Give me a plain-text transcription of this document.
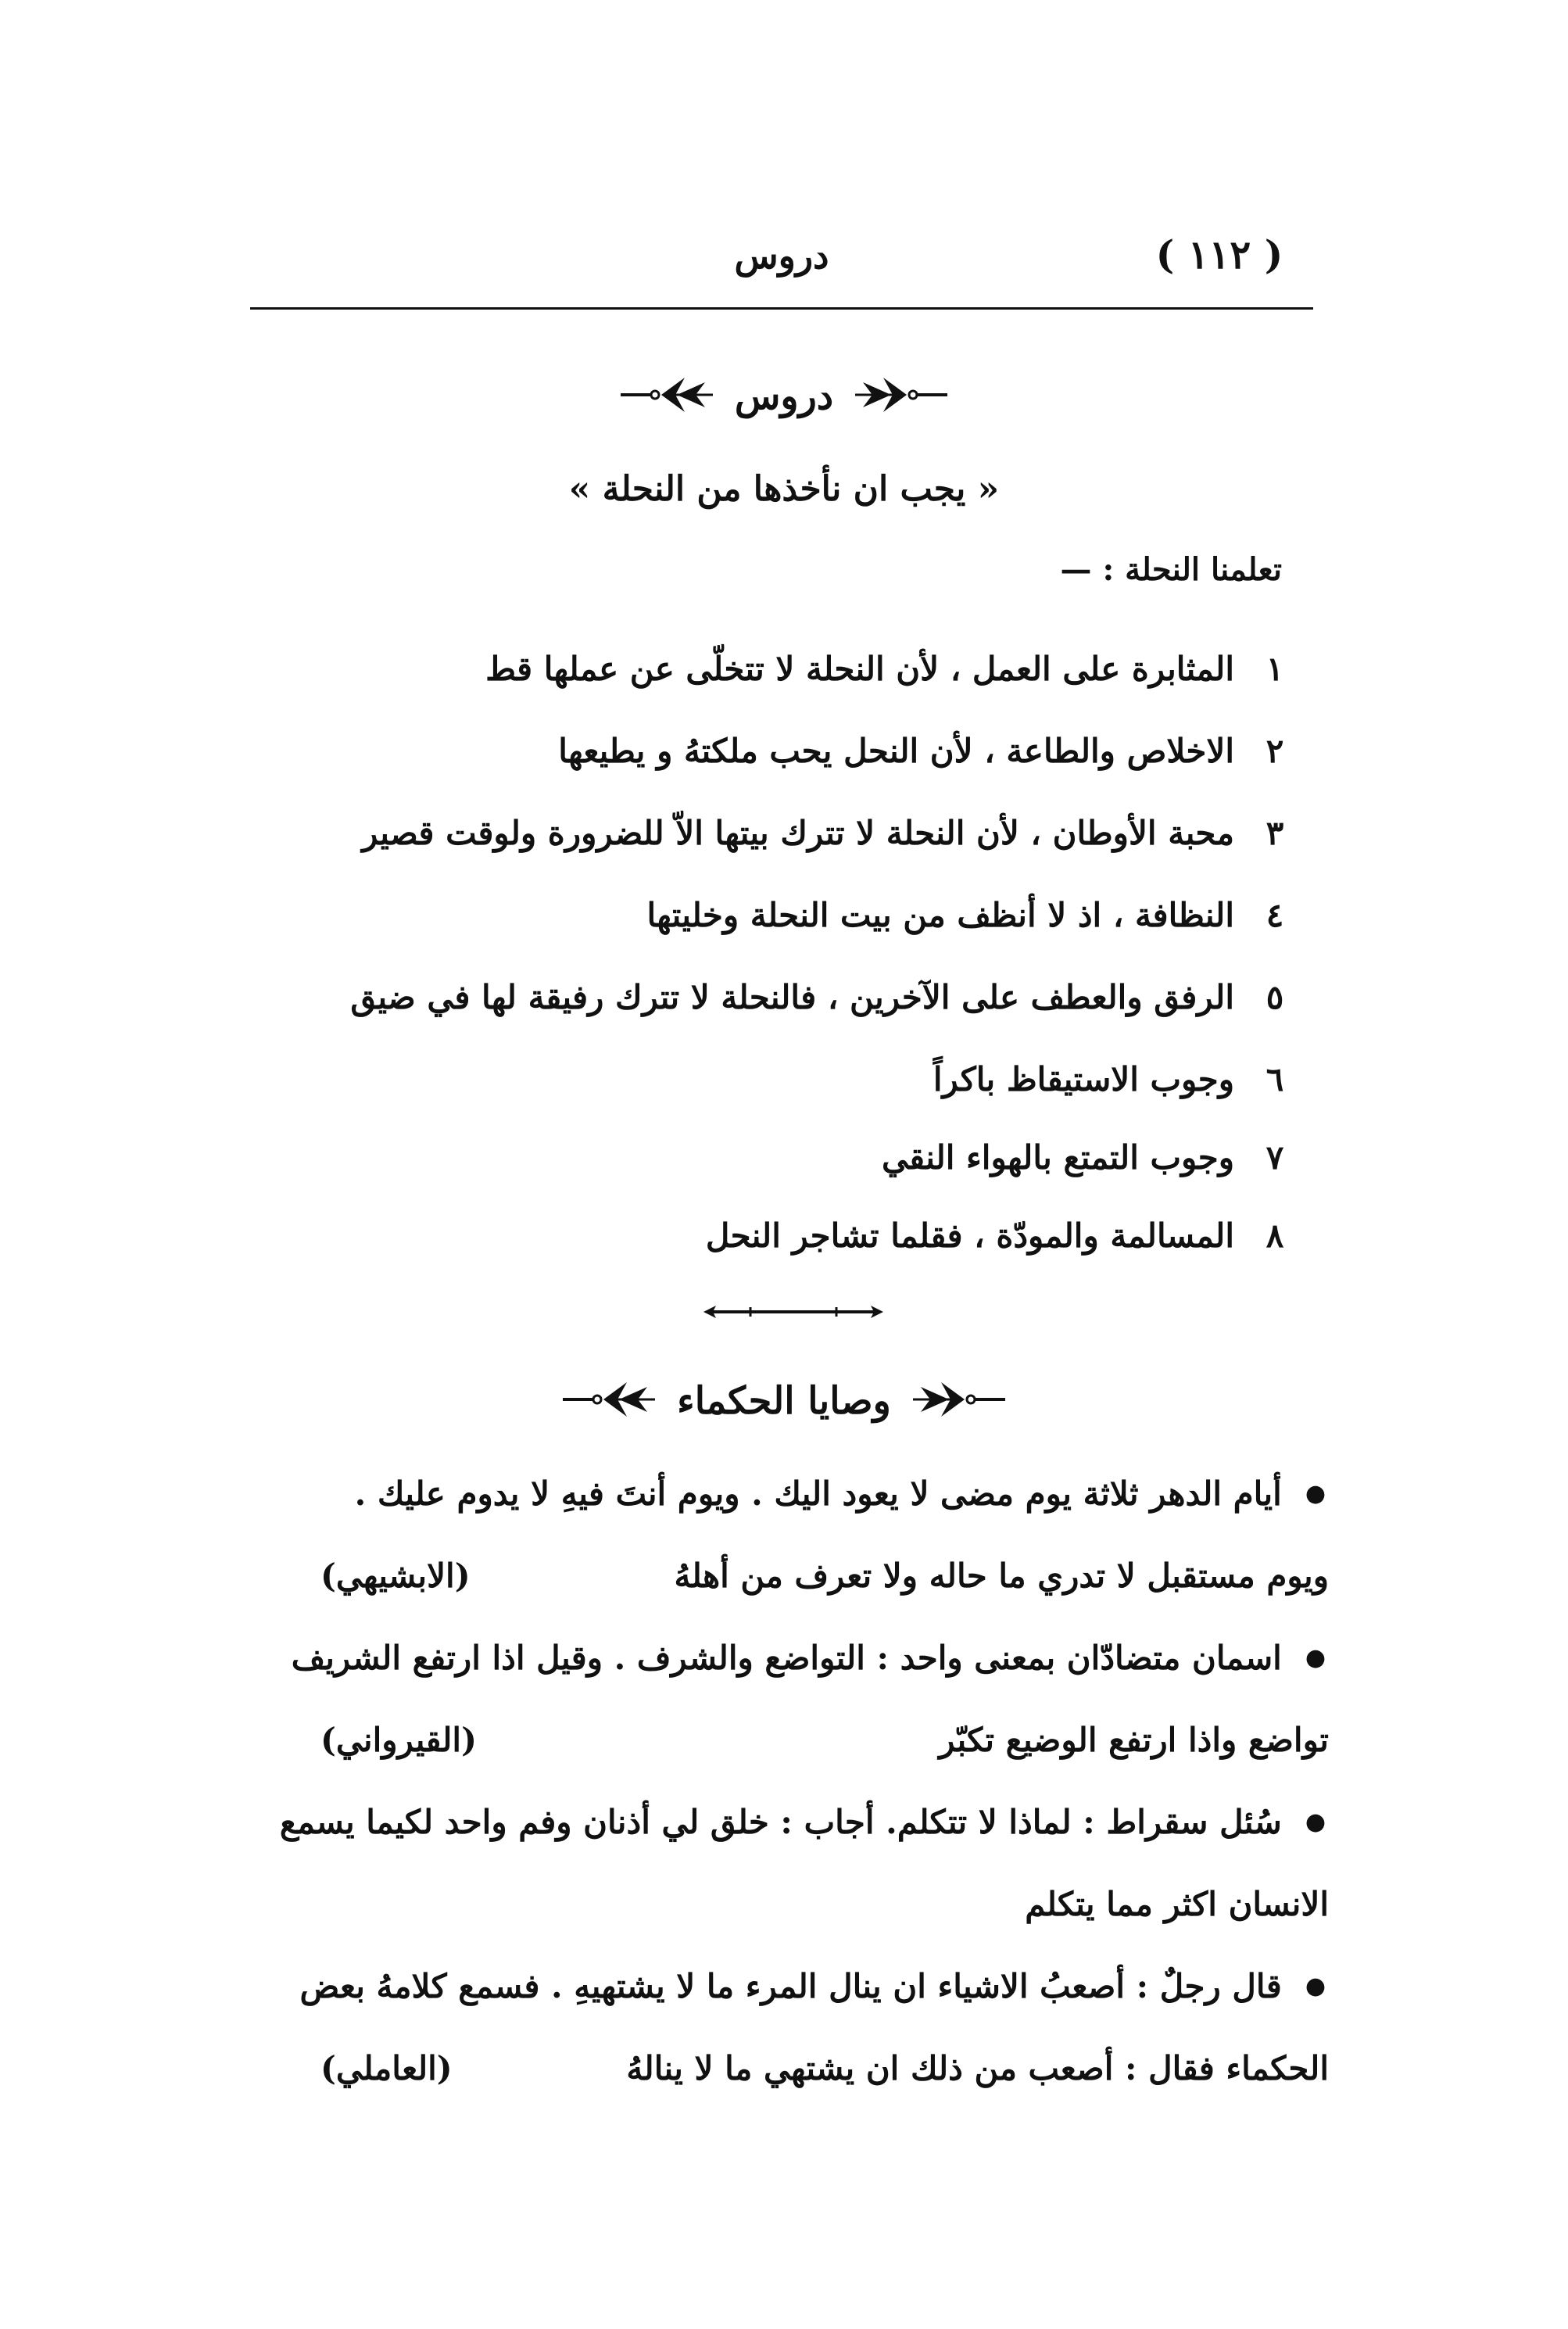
( ١١٢ )
دروس
دروس
« يجب ان نأخذها من النحلة »
تعلمنا النحلة : —
١
المثابرة على العمل ، لأن النحلة لا تتخلّى عن عملها قط
٢
الاخلاص والطاعة ، لأن النحل يحب ملكتهُ و يطيعها
٣
محبة الأوطان ، لأن النحلة لا تترك بيتها الاّ للضرورة ولوقت قصير
٤
النظافة ، اذ لا أنظف من بيت النحلة وخليتها
٥
الرفق والعطف على الآخرين ، فالنحلة لا تترك رفيقة لها في ضيق
٦
وجوب الاستيقاظ باكراً
٧
وجوب التمتع بالهواء النقي
٨
المسالمة والمودّة ، فقلما تشاجر النحل
وصايا الحكماء
●
أيام الدهر ثلاثة يوم مضى لا يعود اليك . ويوم أنتَ فيهِ لا يدوم عليك .
ويوم مستقبل لا تدري ما حاله ولا تعرف من أهلهُ
(الابشيهي)
●
اسمان متضادّان بمعنى واحد : التواضع والشرف . وقيل اذا ارتفع الشريف
تواضع واذا ارتفع الوضيع تكبّر
(القيرواني)
●
سُئل سقراط : لماذا لا تتكلم. أجاب : خلق لي أذنان وفم واحد لكيما يسمع
الانسان اكثر مما يتكلم
●
قال رجلٌ : أصعبُ الاشياء ان ينال المرء ما لا يشتهيهِ . فسمع كلامهُ بعض
الحكماء فقال : أصعب من ذلك ان يشتهي ما لا ينالهُ
(العاملي)
